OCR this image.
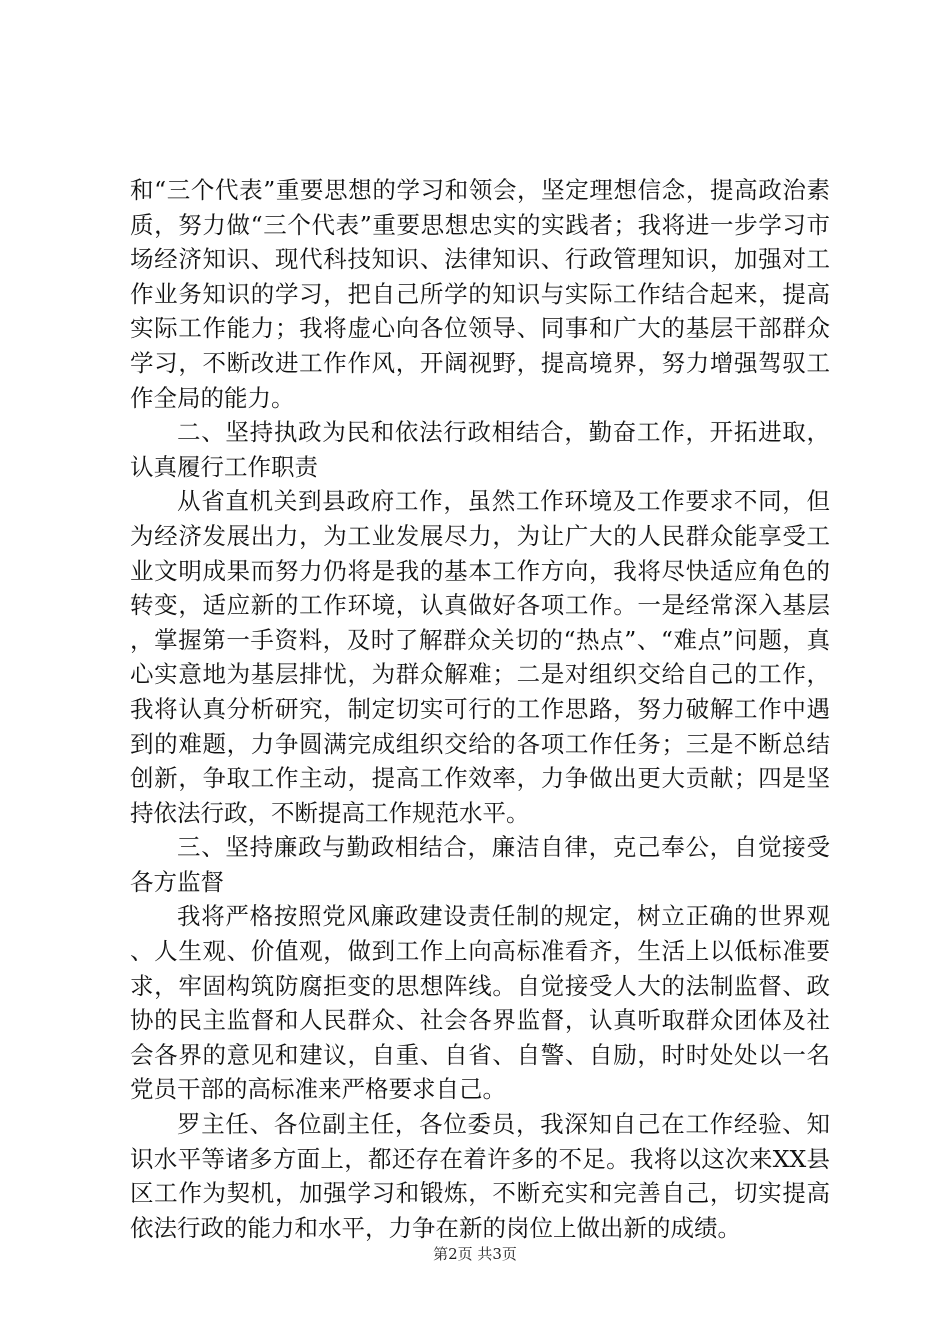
和“三个代表”重要思想的学习和领会，坚定理想信念，提高政治素质，努力做“三个代表”重要思想忠实的实践者；我将进一步学习市场经济知识、现代科技知识、法律知识、行政管理知识，加强对工作业务知识的学习，把自己所学的知识与实际工作结合起来，提高实际工作能力；我将虚心向各位领导、同事和广大的基层干部群众学习，不断改进工作作风，开阔视野，提高境界，努力增强驾驭工作全局的能力。

二、坚持执政为民和依法行政相结合，勤奋工作，开拓进取，认真履行工作职责

从省直机关到县政府工作，虽然工作环境及工作要求不同，但为经济发展出力，为工业发展尽力，为让广大的人民群众能享受工业文明成果而努力仍将是我的基本工作方向，我将尽快适应角色的转变，适应新的工作环境，认真做好各项工作。一是经常深入基层，掌握第一手资料，及时了解群众关切的“热点”、“难点”问题，真心实意地为基层排忧，为群众解难；二是对组织交给自己的工作，我将认真分析研究，制定切实可行的工作思路，努力破解工作中遇到的难题，力争圆满完成组织交给的各项工作任务；三是不断总结创新，争取工作主动，提高工作效率，力争做出更大贡献；四是坚持依法行政，不断提高工作规范水平。

三、坚持廉政与勤政相结合，廉洁自律，克己奉公，自觉接受各方监督

我将严格按照党风廉政建设责任制的规定，树立正确的世界观、人生观、价值观，做到工作上向高标准看齐，生活上以低标准要求，牢固构筑防腐拒变的思想阵线。自觉接受人大的法制监督、政协的民主监督和人民群众、社会各界监督，认真听取群众团体及社会各界的意见和建议，自重、自省、自警、自励，时时处处以一名党员干部的高标准来严格要求自己。

罗主任、各位副主任，各位委员，我深知自己在工作经验、知识水平等诸多方面上，都还存在着许多的不足。我将以这次来XX县区工作为契机，加强学习和锻炼，不断充实和完善自己，切实提高依法行政的能力和水平，力争在新的岗位上做出新的成绩。

第2页 共3页
